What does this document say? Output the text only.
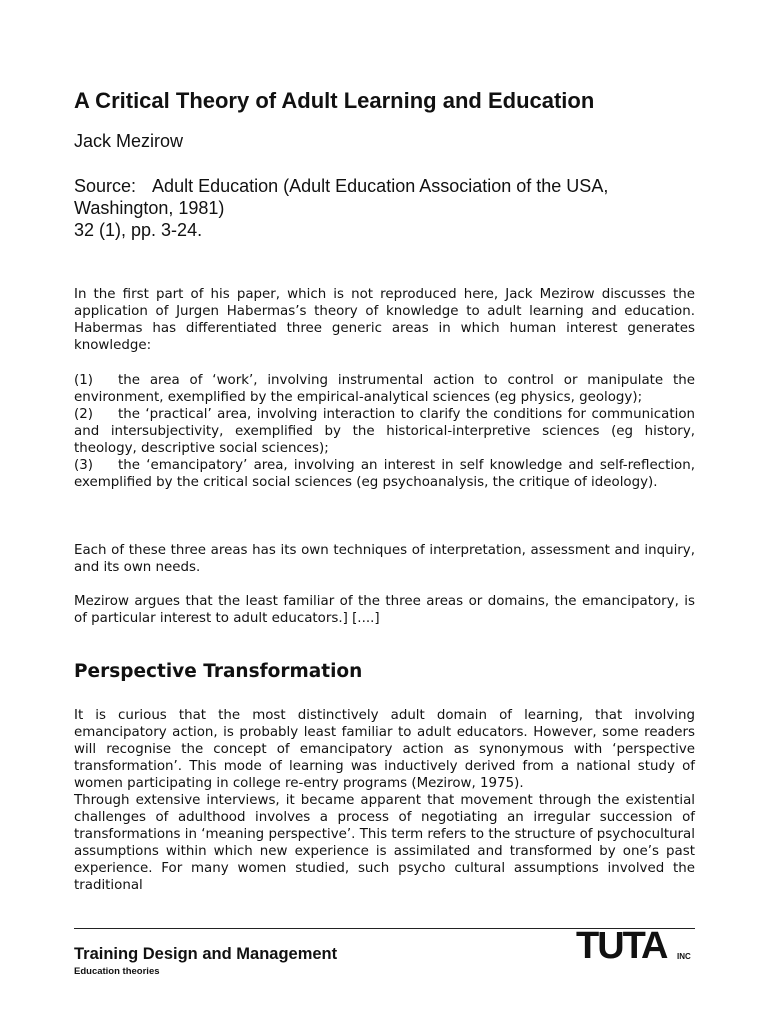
A Critical Theory of Adult Learning and Education
Jack Mezirow
Source: Adult Education (Adult Education Association of the USA,
Washington, 1981)
32 (1), pp. 3-24.

In the first part of his paper, which is not reproduced here, Jack Mezirow discusses the application of Jurgen Habermas’s theory of knowledge to adult learning and education. Habermas has differentiated three generic areas in which human interest generates knowledge:

(1) the area of ‘work’, involving instrumental action to control or manipulate the environment, exemplified by the empirical-analytical sciences (eg physics, geology);

(2) the ‘practical’ area, involving interaction to clarify the conditions for communication and intersubjectivity, exemplified by the historical-interpretive sciences (eg history, theology, descriptive social sciences);

(3) the ‘emancipatory’ area, involving an interest in self knowledge and self-reflection, exemplified by the critical social sciences (eg psychoanalysis, the critique of ideology).

Each of these three areas has its own techniques of interpretation, assessment and inquiry, and its own needs.

Mezirow argues that the least familiar of the three areas or domains, the emancipatory, is of particular interest to adult educators.] [....]

Perspective Transformation

It is curious that the most distinctively adult domain of learning, that involving emancipatory action, is probably least familiar to adult educators. However, some readers will recognise the concept of emancipatory action as synonymous with ‘perspective transformation’. This mode of learning was inductively derived from a national study of women participating in college re-entry programs (Mezirow, 1975).

Through extensive interviews, it became apparent that movement through the existential challenges of adulthood involves a process of negotiating an irregular succession of transformations in ‘meaning perspective’. This term refers to the structure of psychocultural assumptions within which new experience is assimilated and transformed by one’s past experience. For many women studied, such psycho cultural assumptions involved the traditional

Training Design and Management
Education theories
TUTA INC
